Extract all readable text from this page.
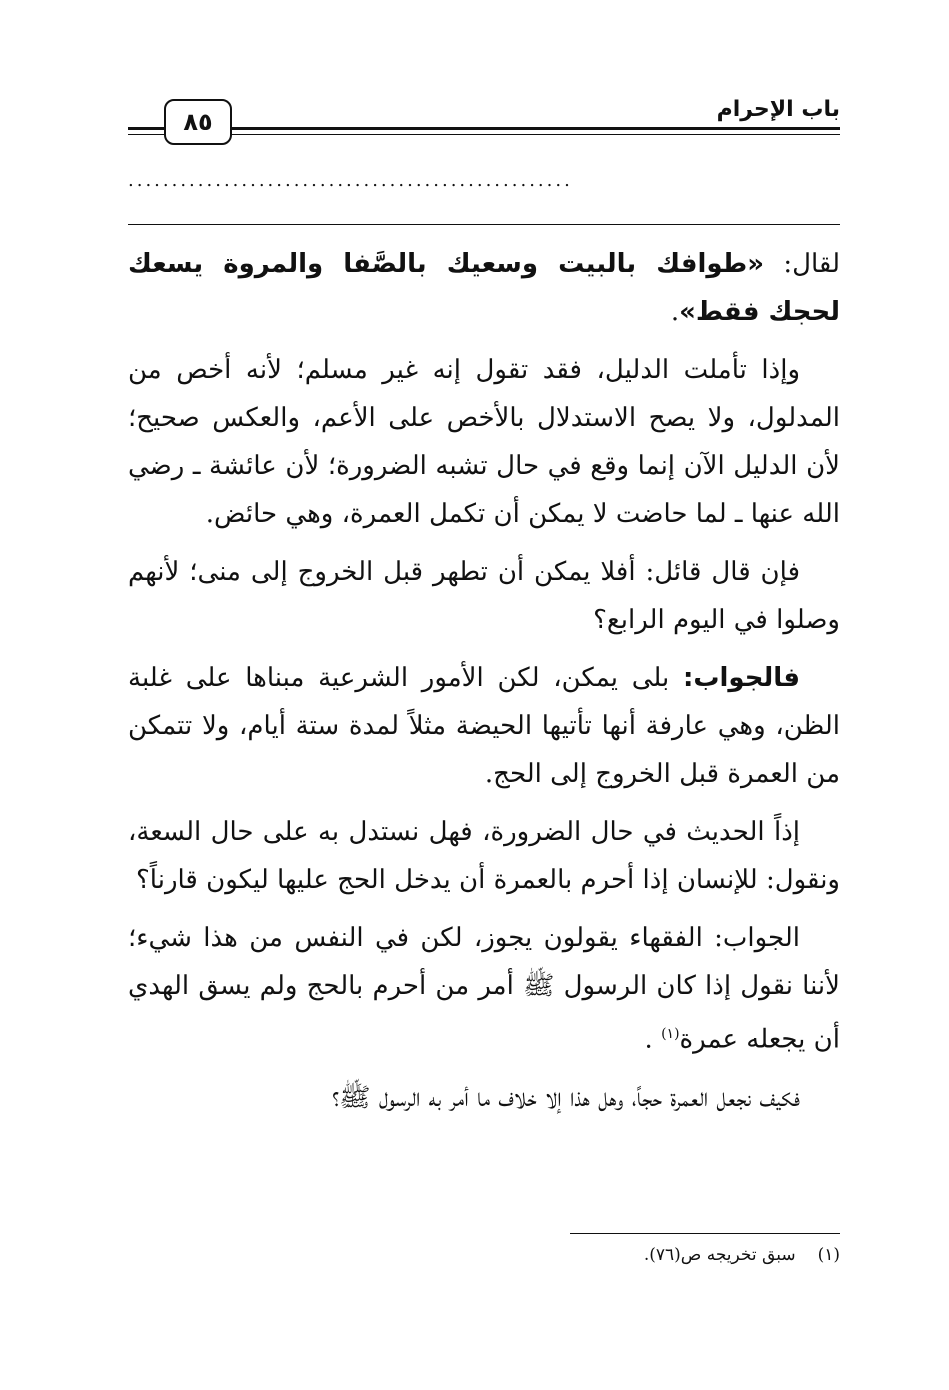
باب الإحرام
٨٥
...................................................

لقال: «طوافك بالبيت وسعيك بالصَّفا والمروة يسعك لحجك فقط».

وإذا تأملت الدليل، فقد تقول إنه غير مسلم؛ لأنه أخص من المدلول، ولا يصح الاستدلال بالأخص على الأعم، والعكس صحيح؛ لأن الدليل الآن إنما وقع في حال تشبه الضرورة؛ لأن عائشة ـ رضي الله عنها ـ لما حاضت لا يمكن أن تكمل العمرة، وهي حائض.

فإن قال قائل: أفلا يمكن أن تطهر قبل الخروج إلى منى؛ لأنهم وصلوا في اليوم الرابع؟

فالجواب: بلى يمكن، لكن الأمور الشرعية مبناها على غلبة الظن، وهي عارفة أنها تأتيها الحيضة مثلاً لمدة ستة أيام، ولا تتمكن من العمرة قبل الخروج إلى الحج.

إذاً الحديث في حال الضرورة، فهل نستدل به على حال السعة، ونقول: للإنسان إذا أحرم بالعمرة أن يدخل الحج عليها ليكون قارناً؟

الجواب: الفقهاء يقولون يجوز، لكن في النفس من هذا شيء؛ لأننا نقول إذا كان الرسول ﷺ أمر من أحرم بالحج ولم يسق الهدي أن يجعله عمرة$^{(١)}$ .

فكيف نجعل العمرة حجاً، وهل هذا إلا خلاف ما أمر به الرسول ﷺ؟

(١)سبق تخريجه ص(٧٦).
